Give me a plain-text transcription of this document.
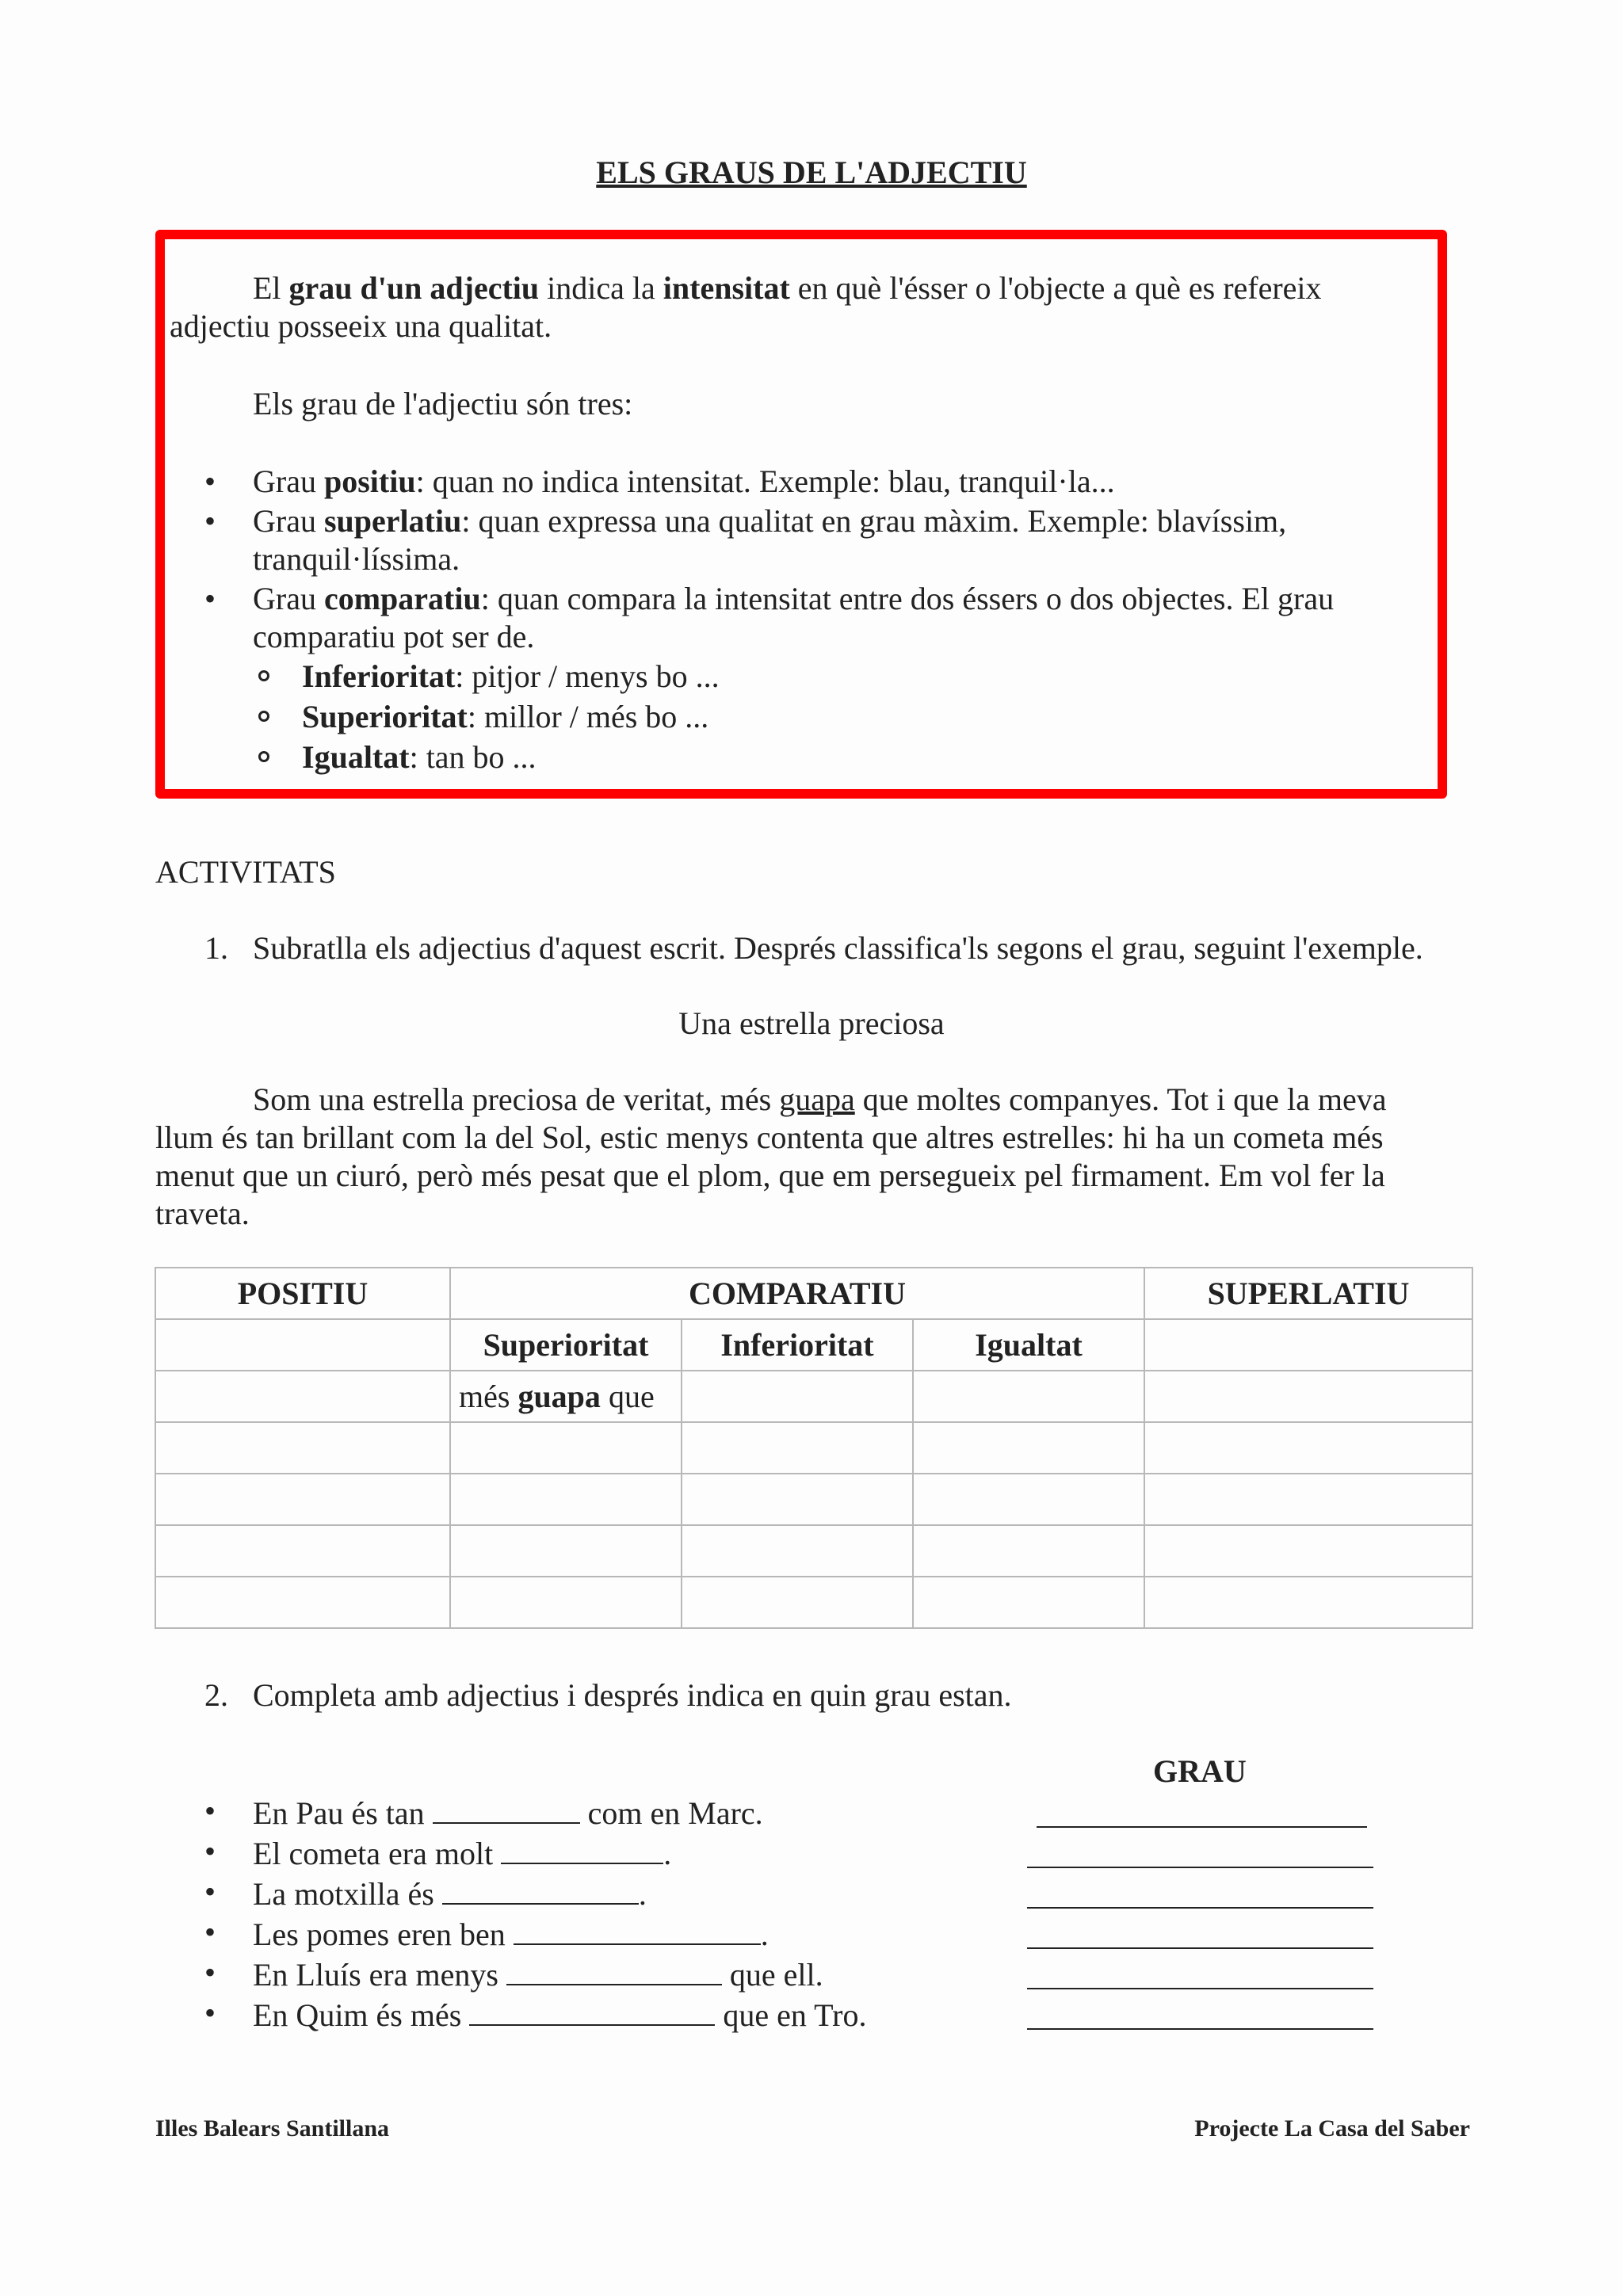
ELS GRAUS DE L'ADJECTIU
El grau d'un adjectiu indica la intensitat en què l'ésser o l'objecte a què es refereix
adjectiu posseeix una qualitat.
Els grau de l'adjectiu són tres:
• Grau positiu: quan no indica intensitat. Exemple: blau, tranquil·la...
• Grau superlatiu: quan expressa una qualitat en grau màxim. Exemple: blavíssim,
tranquil·líssima.
• Grau comparatiu: quan compara la intensitat entre dos éssers o dos objectes. El grau
comparatiu pot ser de.
Inferioritat: pitjor / menys bo ...
Superioritat: millor / més bo ...
Igualtat: tan bo ...
ACTIVITATS
1. Subratlla els adjectius d'aquest escrit. Després classifica'ls segons el grau, seguint l'exemple.
Una estrella preciosa
Som una estrella preciosa de veritat, més guapa que moltes companyes. Tot i que la meva
llum és tan brillant com la del Sol, estic menys contenta que altres estrelles: hi ha un cometa més
menut que un ciuró, però més pesat que el plom, que em persegueix pel firmament. Em vol fer la
traveta.
POSITIU	COMPARATIU			SUPERLATIU
	Superioritat	Inferioritat	Igualtat	
	més guapa que			

2. Completa amb adjectius i després indica en quin grau estan.
GRAU
• En Pau és tan	com en Marc.
• El cometa era molt	.
• La motxilla és	.
• Les pomes eren ben	.
• En Lluís era menys	que ell.
• En Quim és més	que en Tro.
Illes Balears Santillana	Projecte La Casa del Saber
